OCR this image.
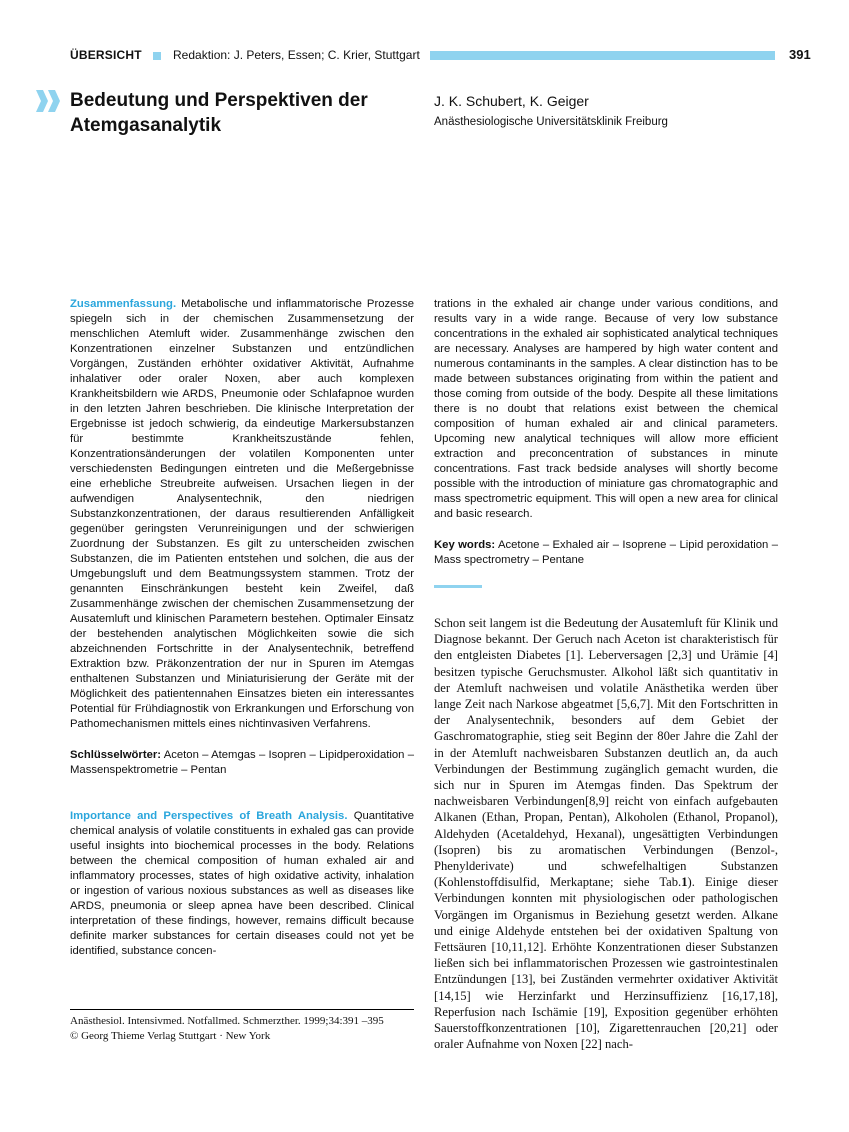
ÜBERSICHT	Redaktion: J. Peters, Essen; C. Krier, Stuttgart	391
Bedeutung und Perspektiven der Atemgasanalytik
J. K. Schubert, K. Geiger
Anästhesiologische Universitätsklinik Freiburg

Zusammenfassung. Metabolische und inflammatorische Prozesse spiegeln sich in der chemischen Zusammensetzung der menschlichen Atemluft wider. Zusammenhänge zwischen den Konzentrationen einzelner Substanzen und entzündlichen Vorgängen, Zuständen erhöhter oxidativer Aktivität, Aufnahme inhalativer oder oraler Noxen, aber auch komplexen Krankheitsbildern wie ARDS, Pneumonie oder Schlafapnoe wurden in den letzten Jahren beschrieben. Die klinische Interpretation der Ergebnisse ist jedoch schwierig, da eindeutige Markersubstanzen für bestimmte Krankheitszustände fehlen, Konzentrationsänderungen der volatilen Komponenten unter verschiedensten Bedingungen eintreten und die Meßergebnisse eine erhebliche Streubreite aufweisen. Ursachen liegen in der aufwendigen Analysentechnik, den niedrigen Substanzkonzentrationen, der daraus resultierenden Anfälligkeit gegenüber geringsten Verunreinigungen und der schwierigen Zuordnung der Substanzen. Es gilt zu unterscheiden zwischen Substanzen, die im Patienten entstehen und solchen, die aus der Umgebungsluft und dem Beatmungssystem stammen. Trotz der genannten Einschränkungen besteht kein Zweifel, daß Zusammenhänge zwischen der chemischen Zusammensetzung der Ausatemluft und klinischen Parametern bestehen. Optimaler Einsatz der bestehenden analytischen Möglichkeiten sowie die sich abzeichnenden Fortschritte in der Analysentechnik, betreffend Extraktion bzw. Präkonzentration der nur in Spuren im Atemgas enthaltenen Substanzen und Miniaturisierung der Geräte mit der Möglichkeit des patientennahen Einsatzes bieten ein interessantes Potential für Frühdiagnostik von Erkrankungen und Erforschung von Pathomechanismen mittels eines nichtinvasiven Verfahrens.

Schlüsselwörter: Aceton – Atemgas – Isopren – Lipidperoxidation – Massenspektrometrie – Pentan

Importance and Perspectives of Breath Analysis. Quantitative chemical analysis of volatile constituents in exhaled gas can provide useful insights into biochemical processes in the body. Relations between the chemical composition of human exhaled air and inflammatory processes, states of high oxidative activity, inhalation or ingestion of various noxious substances as well as diseases like ARDS, pneumonia or sleep apnea have been described. Clinical interpretation of these findings, however, remains difficult because definite marker substances for certain diseases could not yet be identified, substance concen-

trations in the exhaled air change under various conditions, and results vary in a wide range. Because of very low substance concentrations in the exhaled air sophisticated analytical techniques are necessary. Analyses are hampered by high water content and numerous contaminants in the samples. A clear distinction has to be made between substances originating from within the patient and those coming from outside of the body. Despite all these limitations there is no doubt that relations exist between the chemical composition of human exhaled air and clinical parameters. Upcoming new analytical techniques will allow more efficient extraction and preconcentration of substances in minute concentrations. Fast track bedside analyses will shortly become possible with the introduction of miniature gas chromatographic and mass spectrometric equipment. This will open a new area for clinical and basic research.

Key words: Acetone – Exhaled air – Isoprene – Lipid peroxidation – Mass spectrometry – Pentane

Schon seit langem ist die Bedeutung der Ausatemluft für Klinik und Diagnose bekannt. Der Geruch nach Aceton ist charakteristisch für den entgleisten Diabetes [1]. Leberversagen [2,3] und Urämie [4] besitzen typische Geruchsmuster. Alkohol läßt sich quantitativ in der Atemluft nachweisen und volatile Anästhetika werden über lange Zeit nach Narkose abgeatmet [5,6,7]. Mit den Fortschritten in der Analysentechnik, besonders auf dem Gebiet der Gaschromatographie, stieg seit Beginn der 80er Jahre die Zahl der in der Atemluft nachweisbaren Substanzen deutlich an, da auch Verbindungen der Bestimmung zugänglich gemacht wurden, die sich nur in Spuren im Atemgas finden. Das Spektrum der nachweisbaren Verbindungen[8,9] reicht von einfach aufgebauten Alkanen (Ethan, Propan, Pentan), Alkoholen (Ethanol, Propanol), Aldehyden (Acetaldehyd, Hexanal), ungesättigten Verbindungen (Isopren) bis zu aromatischen Verbindungen (Benzol-, Phenylderivate) und schwefelhaltigen Substanzen (Kohlenstoffdisulfid, Merkaptane; siehe Tab.1). Einige dieser Verbindungen konnten mit physiologischen oder pathologischen Vorgängen im Organismus in Beziehung gesetzt werden. Alkane und einige Aldehyde entstehen bei der oxidativen Spaltung von Fettsäuren [10,11,12]. Erhöhte Konzentrationen dieser Substanzen ließen sich bei inflammatorischen Prozessen wie gastrointestinalen Entzündungen [13], bei Zuständen vermehrter oxidativer Aktivität [14,15] wie Herzinfarkt und Herzinsuffizienz [16,17,18], Reperfusion nach Ischämie [19], Exposition gegenüber erhöhten Sauerstoffkonzentrationen [10], Zigarettenrauchen [20,21] oder oraler Aufnahme von Noxen [22] nach-
Anästhesiol. Intensivmed. Notfallmed. Schmerzther. 1999;34:391 –395
© Georg Thieme Verlag Stuttgart · New York
